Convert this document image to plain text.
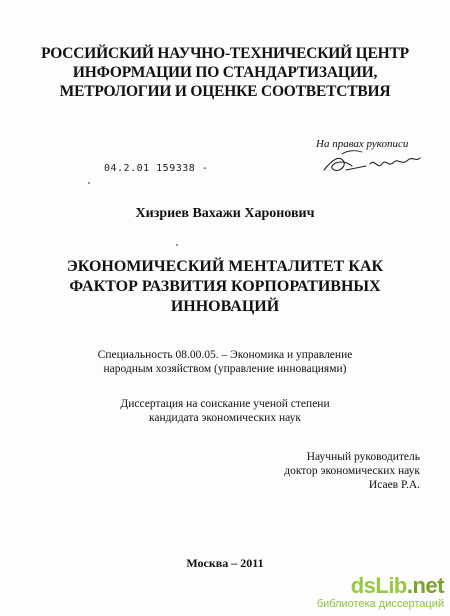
РОССИЙСКИЙ НАУЧНО-ТЕХНИЧЕСКИЙ ЦЕНТР
ИНФОРМАЦИИ ПО СТАНДАРТИЗАЦИИ,
МЕТРОЛОГИИ И ОЦЕНКЕ СООТВЕТСТВИЯ
На правах рукописи
04.2.01 159338 -
Хизриев Вахажи Харонович
ЭКОНОМИЧЕСКИЙ МЕНТАЛИТЕТ КАК
ФАКТОР РАЗВИТИЯ КОРПОРАТИВНЫХ
ИННОВАЦИЙ
Специальность 08.00.05. – Экономика и управление
народным хозяйством (управление инновациями)
Диссертация на соискание ученой степени
кандидата экономических наук
Научный руководитель
доктор экономических наук
Исаев Р.А.
Москва – 2011
dsLib.net
библиотека диссертаций
